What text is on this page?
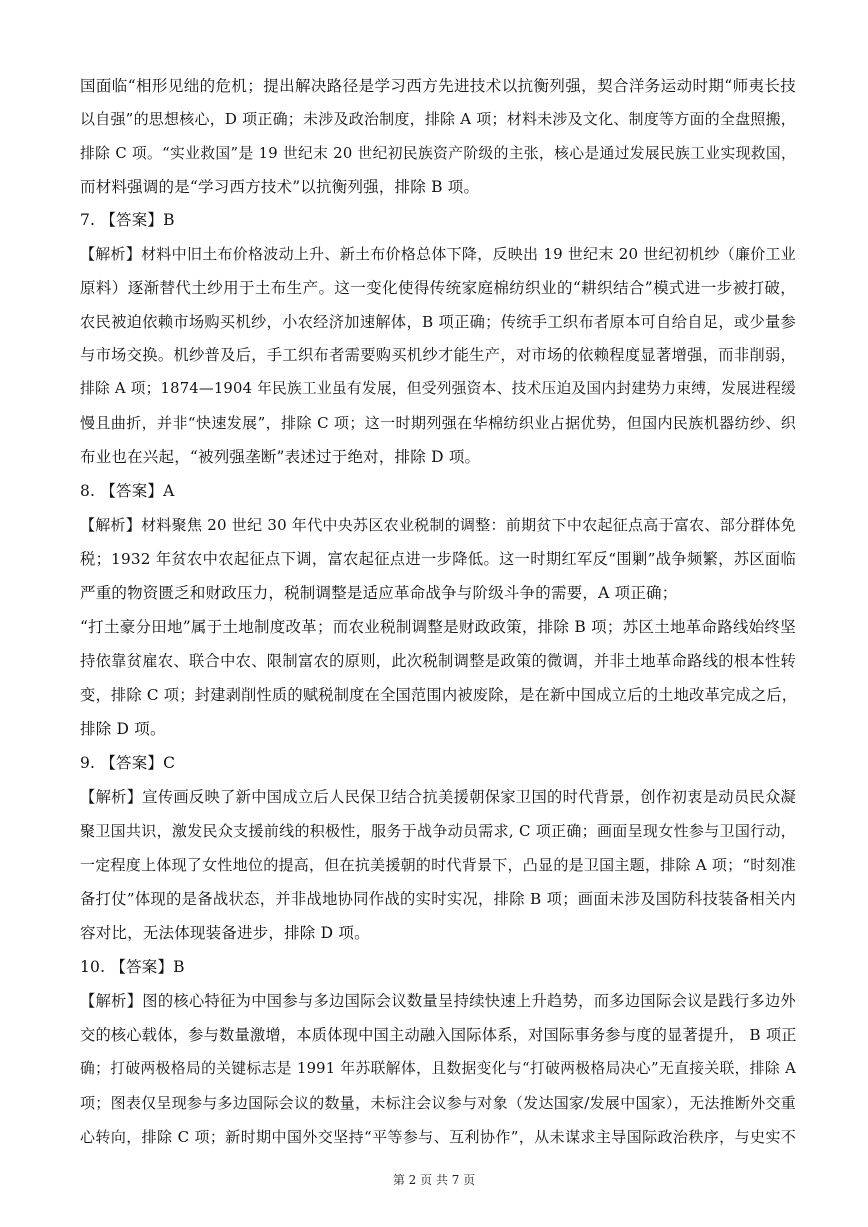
国面临“相形见绌的危机；提出解决路径是学习西方先进技术以抗衡列强，契合洋务运动时期“师夷长技
以自强”的思想核心，D 项正确；未涉及政治制度，排除 A 项；材料未涉及文化、制度等方面的全盘照搬，
排除 C 项。“实业救国”是 19 世纪末 20 世纪初民族资产阶级的主张，核心是通过发展民族工业实现救国，
而材料强调的是“学习西方技术”以抗衡列强，排除 B 项。
7. 【答案】B
【解析】材料中旧土布价格波动上升、新土布价格总体下降，反映出 19 世纪末 20 世纪初机纱（廉价工业
原料）逐渐替代土纱用于土布生产。这一变化使得传统家庭棉纺织业的“耕织结合”模式进一步被打破，
农民被迫依赖市场购买机纱，小农经济加速解体，B 项正确；传统手工织布者原本可自给自足，或少量参
与市场交换。机纱普及后，手工织布者需要购买机纱才能生产，对市场的依赖程度显著增强，而非削弱，
排除 A 项；1874—1904 年民族工业虽有发展，但受列强资本、技术压迫及国内封建势力束缚，发展进程缓
慢且曲折，并非“快速发展”，排除 C 项；这一时期列强在华棉纺织业占据优势，但国内民族机器纺纱、织
布业也在兴起，“被列强垄断”表述过于绝对，排除 D 项。
8. 【答案】A
【解析】材料聚焦 20 世纪 30 年代中央苏区农业税制的调整：前期贫下中农起征点高于富农、部分群体免
税；1932 年贫农中农起征点下调，富农起征点进一步降低。这一时期红军反“围剿”战争频繁，苏区面临
严重的物资匮乏和财政压力，税制调整是适应革命战争与阶级斗争的需要，A 项正确；
“打土豪分田地”属于土地制度改革；而农业税制调整是财政政策，排除 B 项；苏区土地革命路线始终坚
持依靠贫雇农、联合中农、限制富农的原则，此次税制调整是政策的微调，并非土地革命路线的根本性转
变，排除 C 项；封建剥削性质的赋税制度在全国范围内被废除，是在新中国成立后的土地改革完成之后，
排除 D 项。
9. 【答案】C
【解析】宣传画反映了新中国成立后人民保卫结合抗美援朝保家卫国的时代背景，创作初衷是动员民众凝
聚卫国共识，激发民众支援前线的积极性，服务于战争动员需求, C 项正确；画面呈现女性参与卫国行动，
一定程度上体现了女性地位的提高，但在抗美援朝的时代背景下，凸显的是卫国主题，排除 A 项；“时刻准
备打仗”体现的是备战状态，并非战地协同作战的实时实况，排除 B 项；画面未涉及国防科技装备相关内
容对比，无法体现装备进步，排除 D 项。
10. 【答案】B
【解析】图的核心特征为中国参与多边国际会议数量呈持续快速上升趋势，而多边国际会议是践行多边外
交的核心载体，参与数量激增，本质体现中国主动融入国际体系，对国际事务参与度的显著提升， B 项正
确；打破两极格局的关键标志是 1991 年苏联解体，且数据变化与“打破两极格局决心”无直接关联，排除 A
项；图表仅呈现参与多边国际会议的数量，未标注会议参与对象（发达国家/发展中国家），无法推断外交重
心转向，排除 C 项；新时期中国外交坚持“平等参与、互利协作”，从未谋求主导国际政治秩序，与史实不
第 2 页 共 7 页
